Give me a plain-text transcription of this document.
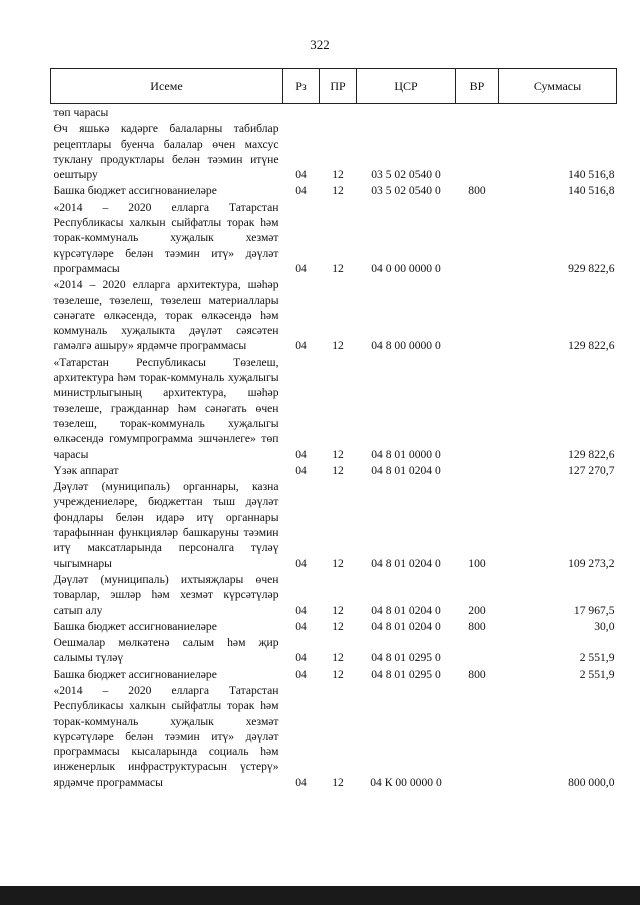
322
Исеме	Рз	ПР	ЦСР	ВР	Суммасы
төп чарасы					
Өч яшькә кадәрге балаларны табиблар рецептлары буенча балалар өчен махсус туклану продуктлары белән тәэмин итүне оештыру	04	12	03 5 02 0540 0		140 516,8
Башка бюджет ассигнованиеләре	04	12	03 5 02 0540 0	800	140 516,8
«2014 – 2020 елларга Татарстан Республикасы халкын сыйфатлы торак һәм торак-коммуналь хуҗалык хезмәт күрсәтүләре белән тәэмин итү» дәүләт программасы	04	12	04 0 00 0000 0		929 822,6
«2014 – 2020 елларга архитектура, шәһәр төзелеше, төзелеш, төзелеш материаллары сәнәгате өлкәсендә, торак өлкәсендә һәм коммуналь хуҗалыкта дәүләт сәясәтен гамәлгә ашыру» ярдәмче программасы	04	12	04 8 00 0000 0		129 822,6
«Татарстан Республикасы Төзелеш, архитектура һәм торак-коммуналь хуҗалыгы министрлыгының архитектура, шәһәр төзелеше, гражданнар һәм сәнәгать өчен төзелеш, торак-коммуналь хуҗалыгы өлкәсендә гомумпрограмма эшчәнлеге» төп чарасы	04	12	04 8 01 0000 0		129 822,6
Үзәк аппарат	04	12	04 8 01 0204 0		127 270,7
Дәүләт (муниципаль) органнары, казна учреждениеләре, бюджеттан тыш дәүләт фондлары белән идарә итү органнары тарафыннан функцияләр башкаруны тәэмин итү максатларында персоналга түләү чыгымнары	04	12	04 8 01 0204 0	100	109 273,2
Дәүләт (муниципаль) ихтыяҗлары өчен товарлар, эшләр һәм хезмәт күрсәтүләр сатып алу	04	12	04 8 01 0204 0	200	17 967,5
Башка бюджет ассигнованиеләре	04	12	04 8 01 0204 0	800	30,0
Оешмалар мөлкәтенә салым һәм җир салымы түләү	04	12	04 8 01 0295 0		2 551,9
Башка бюджет ассигнованиеләре	04	12	04 8 01 0295 0	800	2 551,9
«2014 – 2020 елларга Татарстан Республикасы халкын сыйфатлы торак һәм торак-коммуналь хуҗалык хезмәт күрсәтүләре белән тәэмин итү» дәүләт программасы кысаларында социаль һәм инженерлык инфраструктурасын үстерү» ярдәмче программасы	04	12	04 К 00 0000 0		800 000,0
